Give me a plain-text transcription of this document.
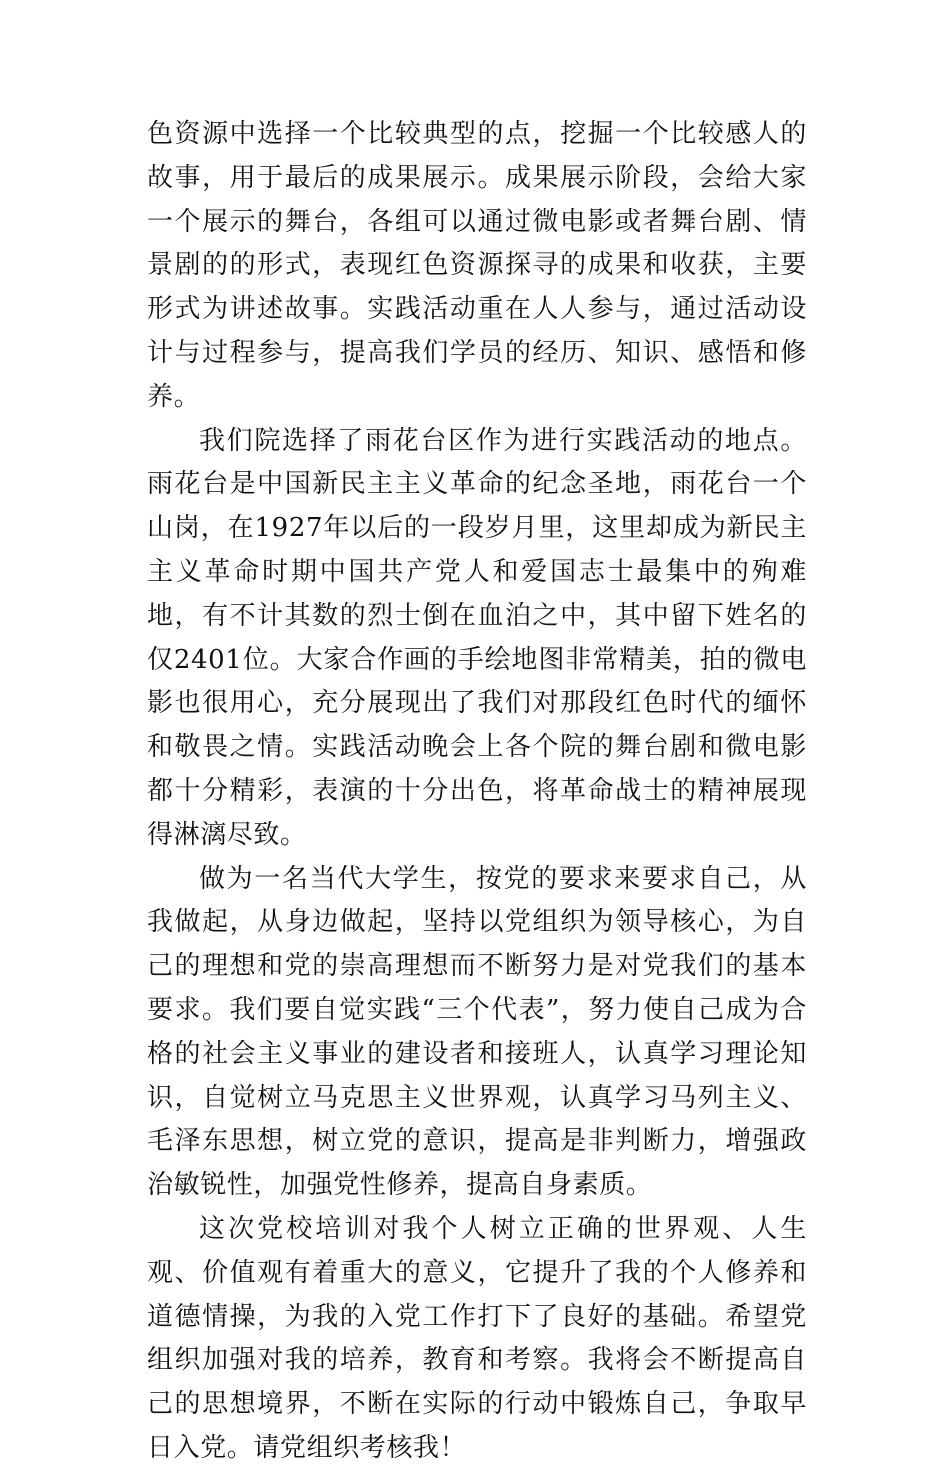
色资源中选择一个比较典型的点，挖掘一个比较感人的故事，用于最后的成果展示。成果展示阶段，会给大家一个展示的舞台，各组可以通过微电影或者舞台剧、情景剧的的形式，表现红色资源探寻的成果和收获，主要形式为讲述故事。实践活动重在人人参与，通过活动设计与过程参与，提高我们学员的经历、知识、感悟和修养。

我们院选择了雨花台区作为进行实践活动的地点。雨花台是中国新民主主义革命的纪念圣地，雨花台一个山岗，在1927年以后的一段岁月里，这里却成为新民主主义革命时期中国共产党人和爱国志士最集中的殉难地，有不计其数的烈士倒在血泊之中，其中留下姓名的仅2401位。大家合作画的手绘地图非常精美，拍的微电影也很用心，充分展现出了我们对那段红色时代的缅怀和敬畏之情。实践活动晚会上各个院的舞台剧和微电影都十分精彩，表演的十分出色，将革命战士的精神展现得淋漓尽致。

做为一名当代大学生，按党的要求来要求自己，从我做起，从身边做起，坚持以党组织为领导核心，为自己的理想和党的崇高理想而不断努力是对党我们的基本要求。我们要自觉实践“三个代表”，努力使自己成为合格的社会主义事业的建设者和接班人，认真学习理论知识，自觉树立马克思主义世界观，认真学习马列主义、毛泽东思想，树立党的意识，提高是非判断力，增强政治敏锐性，加强党性修养，提高自身素质。

这次党校培训对我个人树立正确的世界观、人生观、价值观有着重大的意义，它提升了我的个人修养和道德情操，为我的入党工作打下了良好的基础。希望党组织加强对我的培养，教育和考察。我将会不断提高自己的思想境界，不断在实际的行动中锻炼自己，争取早日入党。请党组织考核我！
